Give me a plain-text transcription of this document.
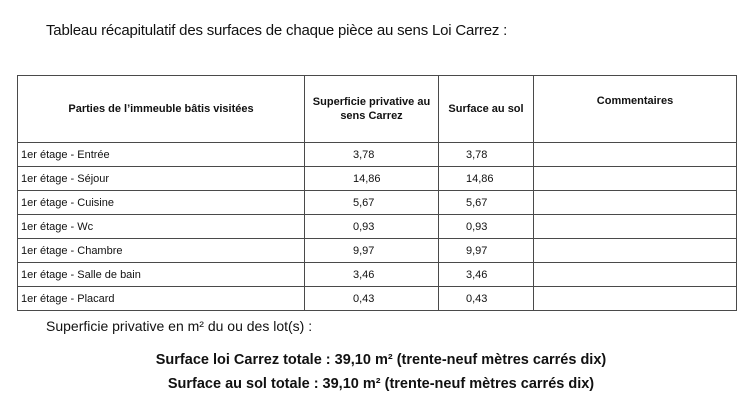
Tableau récapitulatif des surfaces de chaque pièce au sens Loi Carrez :
Parties de l’immeuble bâtis visitées	Superficie privative au sens Carrez	Surface au sol	Commentaires
1er étage - Entrée	3,78	3,78	
1er étage - Séjour	14,86	14,86	
1er étage - Cuisine	5,67	5,67	
1er étage - Wc	0,93	0,93	
1er étage - Chambre	9,97	9,97	
1er étage - Salle de bain	3,46	3,46	
1er étage - Placard	0,43	0,43	
Superficie privative en m² du ou des lot(s) :
Surface loi Carrez totale : 39,10 m² (trente-neuf mètres carrés dix)
Surface au sol totale : 39,10 m² (trente-neuf mètres carrés dix)
